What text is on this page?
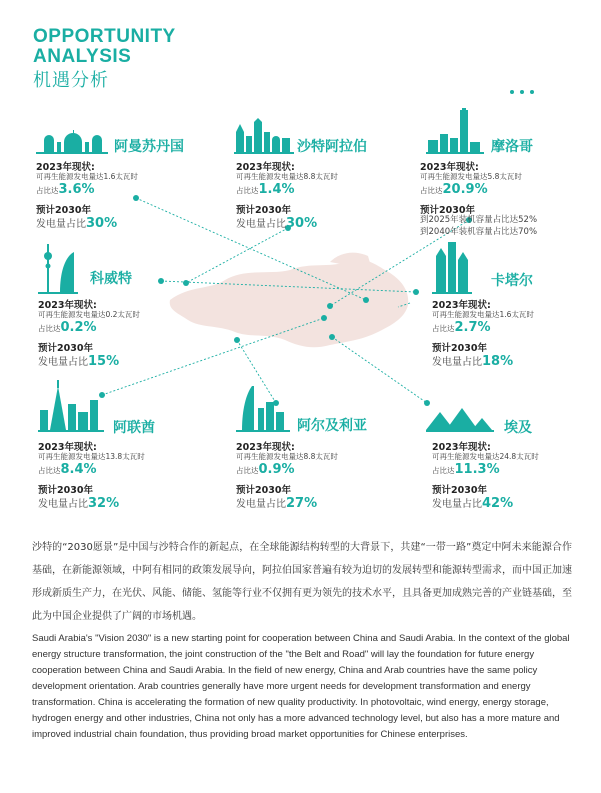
OPPORTUNITY
ANALYSIS
机遇分析
阿曼苏丹国
2023年现状:
可再生能源发电量达1.6太瓦时
占比达3.6%
预计2030年
发电量占比30%
沙特阿拉伯
2023年现状:
可再生能源发电量达8.8太瓦时
占比达1.4%
预计2030年
发电量占比30%
摩洛哥
2023年现状:
可再生能源发电量达5.8太瓦时
占比达20.9%
预计2030年
到2025年装机容量占比达52%
到2040年装机容量占比达70%
科威特
2023年现状:
可再生能源发电量达0.2太瓦时
占比达0.2%
预计2030年
发电量占比15%
卡塔尔
2023年现状:
可再生能源发电量达1.6太瓦时
占比达2.7%
预计2030年
发电量占比18%
阿联酋
2023年现状:
可再生能源发电量达13.8太瓦时
占比达8.4%
预计2030年
发电量占比32%
阿尔及利亚
2023年现状:
可再生能源发电量达8.8太瓦时
占比达0.9%
预计2030年
发电量占比27%
埃及
2023年现状:
可再生能源发电量达24.8太瓦时
占比达11.3%
预计2030年
发电量占比42%
沙特的“2030愿景”是中国与沙特合作的新起点，在全球能源结构转型的大背景下，共建“一带一路”奠定中阿未来能源合作基础，在新能源领域，中阿有相同的政策发展导向，阿拉伯国家普遍有较为迫切的发展转型和能源转型需求，而中国正加速形成新质生产力，在光伏、风能、储能、氢能等行业不仅拥有更为领先的技术水平，且具备更加成熟完善的产业链基础，至此为中国企业提供了广阔的市场机遇。
Saudi Arabia's "Vision 2030" is a new starting point for cooperation between China and Saudi Arabia. In the context of the global energy structure transformation, the joint construction of the "the Belt and Road" will lay the foundation for future energy cooperation between China and Saudi Arabia. In the field of new energy, China and Arab countries have the same policy development orientation. Arab countries generally have more urgent needs for development transformation and energy transformation. China is accelerating the formation of new quality productivity. In photovoltaic, wind energy, energy storage, hydrogen energy and other industries, China not only has a more advanced technology level, but also has a more mature and improved industrial chain foundation, thus providing broad market opportunities for Chinese enterprises.
